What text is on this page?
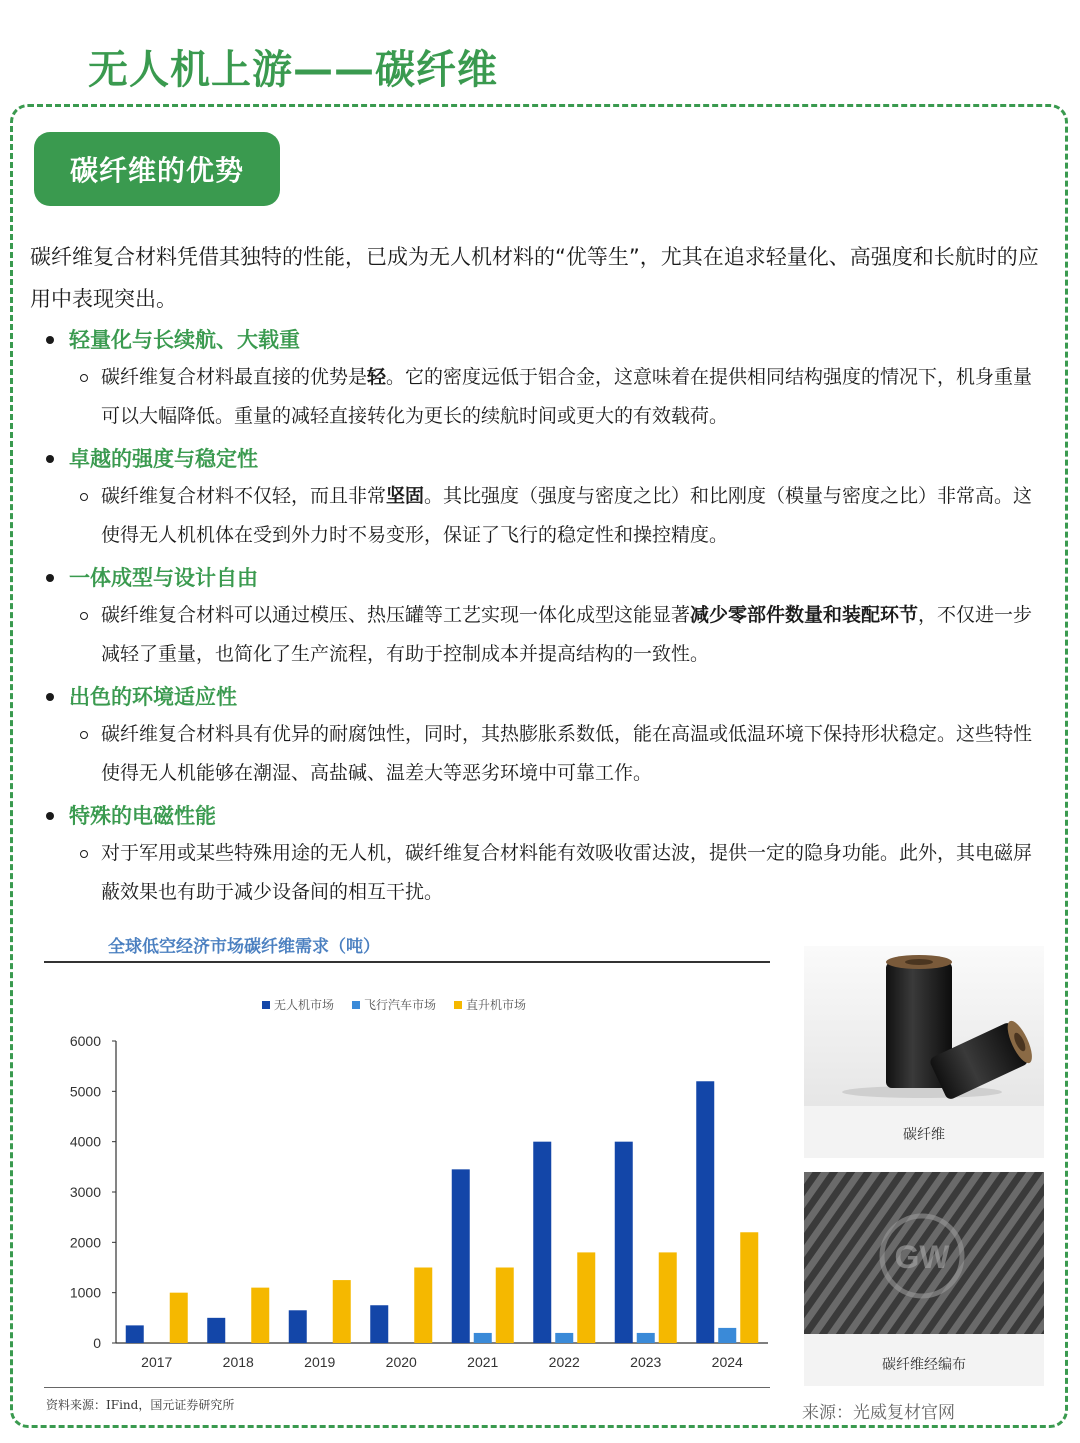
无人机上游——碳纤维
碳纤维的优势
碳纤维复合材料凭借其独特的性能，已成为无人机材料的“优等生”，尤其在追求轻量化、高强度和长航时的应用中表现突出。
轻量化与长续航、大载重
碳纤维复合材料最直接的优势是轻。它的密度远低于铝合金，这意味着在提供相同结构强度的情况下，机身重量可以大幅降低。重量的减轻直接转化为更长的续航时间或更大的有效载荷。
卓越的强度与稳定性
碳纤维复合材料不仅轻，而且非常坚固。其比强度（强度与密度之比）和比刚度（模量与密度之比）非常高。这使得无人机机体在受到外力时不易变形，保证了飞行的稳定性和操控精度。
一体成型与设计自由
碳纤维复合材料可以通过模压、热压罐等工艺实现一体化成型这能显著减少零部件数量和装配环节，不仅进一步减轻了重量，也简化了生产流程，有助于控制成本并提高结构的一致性。
出色的环境适应性
碳纤维复合材料具有优异的耐腐蚀性，同时，其热膨胀系数低，能在高温或低温环境下保持形状稳定。这些特性使得无人机能够在潮湿、高盐碱、温差大等恶劣环境中可靠工作。
特殊的电磁性能
对于军用或某些特殊用途的无人机，碳纤维复合材料能有效吸收雷达波，提供一定的隐身功能。此外，其电磁屏蔽效果也有助于减少设备间的相互干扰。
全球低空经济市场碳纤维需求（吨）
无人机市场	飞行汽车市场	直升机市场
0
1000
2000
3000
4000
5000
6000
2017	2018	2019	2020	2021	2022	2023	2024
资料来源：IFind，国元证券研究所
碳纤维
GW
碳纤维经编布
来源：光威复材官网
